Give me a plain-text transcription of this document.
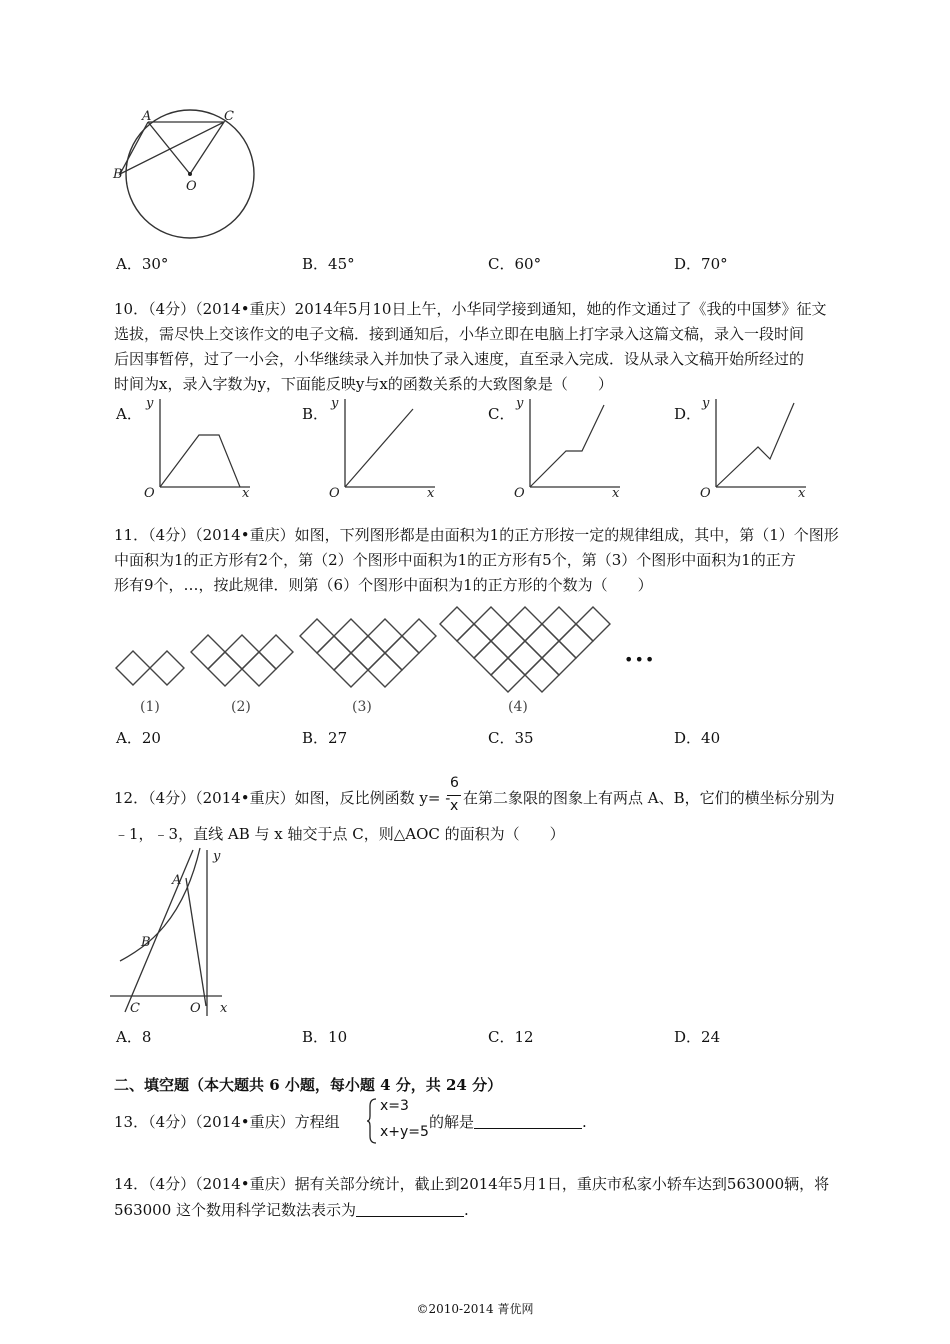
A	C
B
O
A．30°	B．45°	C．60°	D．70°
10．（4分）（2014•重庆）2014年5月10日上午，小华同学接到通知，她的作文通过了《我的中国梦》征文
选拔，需尽快上交该作文的电子文稿．接到通知后，小华立即在电脑上打字录入这篇文稿，录入一段时间
后因事暂停，过了一小会，小华继续录入并加快了录入速度，直至录入完成．设从录入文稿开始所经过的
时间为x，录入字数为y，下面能反映y与x的函数关系的大致图象是（　　）
A．	B．	C．	D．
y
O	x
y
O	x
y
O	x
y
O	x
11．（4分）（2014•重庆）如图，下列图形都是由面积为1的正方形按一定的规律组成，其中，第（1）个图形
中面积为1的正方形有2个，第（2）个图形中面积为1的正方形有5个，第（3）个图形中面积为1的正方
形有9个，…，按此规律．则第（6）个图形中面积为1的正方形的个数为（　　）
•••
(1)	(2)	(3)	(4)
A．20	B．27	C．35	D．40
12．（4分）（2014•重庆）如图，反比例函数 y= -
6
x 在第二象限的图象上有两点 A、B，它们的横坐标分别为
﹣1，﹣3，直线 AB 与 x 轴交于点 C，则△AOC 的面积为（　　）
y
A
B
C	O x
A．8	B．10	C．12	D．24
二、填空题（本大题共 6 小题，每小题 4 分，共 24 分）
13．（4分）（2014•重庆）方程组
x=3
x+y=5
的解是	.
14．（4分）（2014•重庆）据有关部分统计，截止到2014年5月1日，重庆市私家小轿车达到563000辆，将
563000 这个数用科学记数法表示为	.
©2010-2014 菁优网
